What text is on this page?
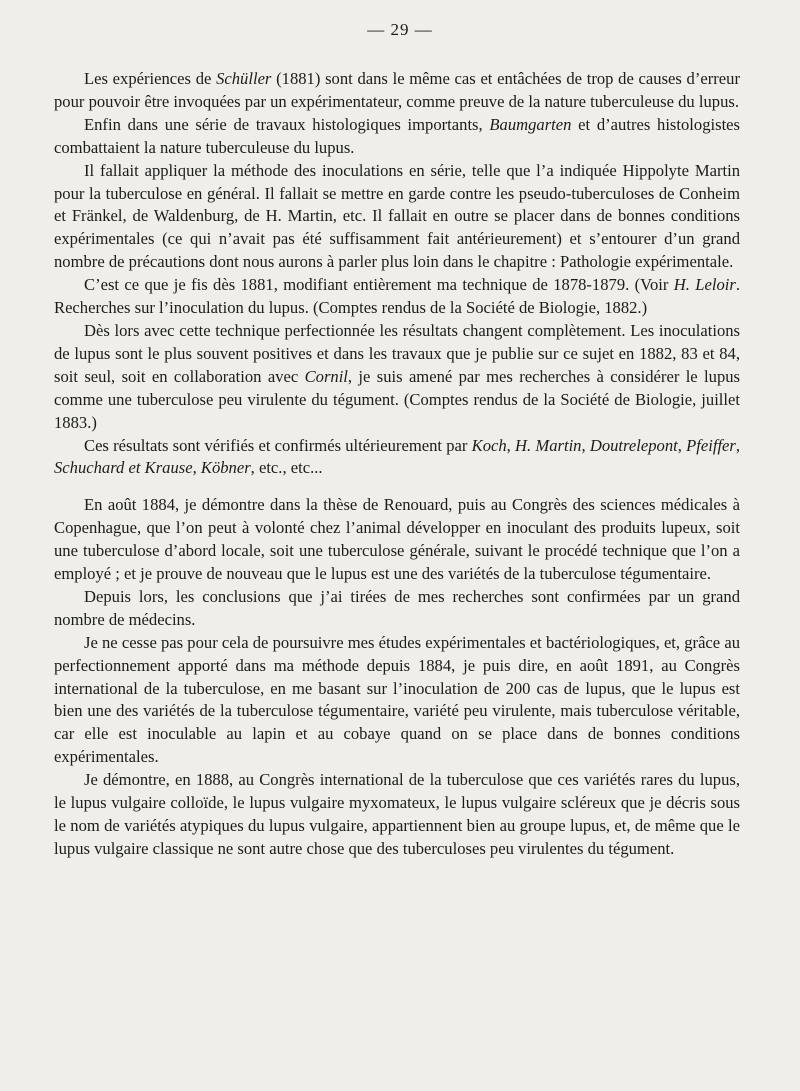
— 29 —

Les expériences de Schüller (1881) sont dans le même cas et entâchées de trop de causes d’erreur pour pouvoir être invoquées par un expérimentateur, comme preuve de la nature tuberculeuse du lupus.

Enfin dans une série de travaux histologiques importants, Baumgarten et d’autres histologistes combattaient la nature tuberculeuse du lupus.

Il fallait appliquer la méthode des inoculations en série, telle que l’a indiquée Hippolyte Martin pour la tuberculose en général. Il fallait se mettre en garde contre les pseudo-tuberculoses de Conheim et Fränkel, de Waldenburg, de H. Martin, etc. Il fallait en outre se placer dans de bonnes conditions expérimentales (ce qui n’avait pas été suffisamment fait antérieurement) et s’entourer d’un grand nombre de précautions dont nous aurons à parler plus loin dans le chapitre : Pathologie expérimentale.

C’est ce que je fis dès 1881, modifiant entièrement ma technique de 1878-1879. (Voir H. Leloir. Recherches sur l’inoculation du lupus. (Comptes rendus de la Société de Biologie, 1882.)

Dès lors avec cette technique perfectionnée les résultats changent complètement. Les inoculations de lupus sont le plus souvent positives et dans les travaux que je publie sur ce sujet en 1882, 83 et 84, soit seul, soit en collaboration avec Cornil, je suis amené par mes recherches à considérer le lupus comme une tuberculose peu virulente du tégument. (Comptes rendus de la Société de Biologie, juillet 1883.)

Ces résultats sont vérifiés et confirmés ultérieurement par Koch, H. Martin, Doutrelepont, Pfeiffer, Schuchard et Krause, Köbner, etc., etc...

En août 1884, je démontre dans la thèse de Renouard, puis au Congrès des sciences médicales à Copenhague, que l’on peut à volonté chez l’animal développer en inoculant des produits lupeux, soit une tuberculose d’abord locale, soit une tuberculose générale, suivant le procédé technique que l’on a employé ; et je prouve de nouveau que le lupus est une des variétés de la tuberculose tégumentaire.

Depuis lors, les conclusions que j’ai tirées de mes recherches sont confirmées par un grand nombre de médecins.

Je ne cesse pas pour cela de poursuivre mes études expérimentales et bactériologiques, et, grâce au perfectionnement apporté dans ma méthode depuis 1884, je puis dire, en août 1891, au Congrès international de la tuberculose, en me basant sur l’inoculation de 200 cas de lupus, que le lupus est bien une des variétés de la tuberculose tégumentaire, variété peu virulente, mais tuberculose véritable, car elle est inoculable au lapin et au cobaye quand on se place dans de bonnes conditions expérimentales.

Je démontre, en 1888, au Congrès international de la tuberculose que ces variétés rares du lupus, le lupus vulgaire colloïde, le lupus vulgaire myxomateux, le lupus vulgaire scléreux que je décris sous le nom de variétés atypiques du lupus vulgaire, appartiennent bien au groupe lupus, et, de même que le lupus vulgaire classique ne sont autre chose que des tuberculoses peu virulentes du tégument.
